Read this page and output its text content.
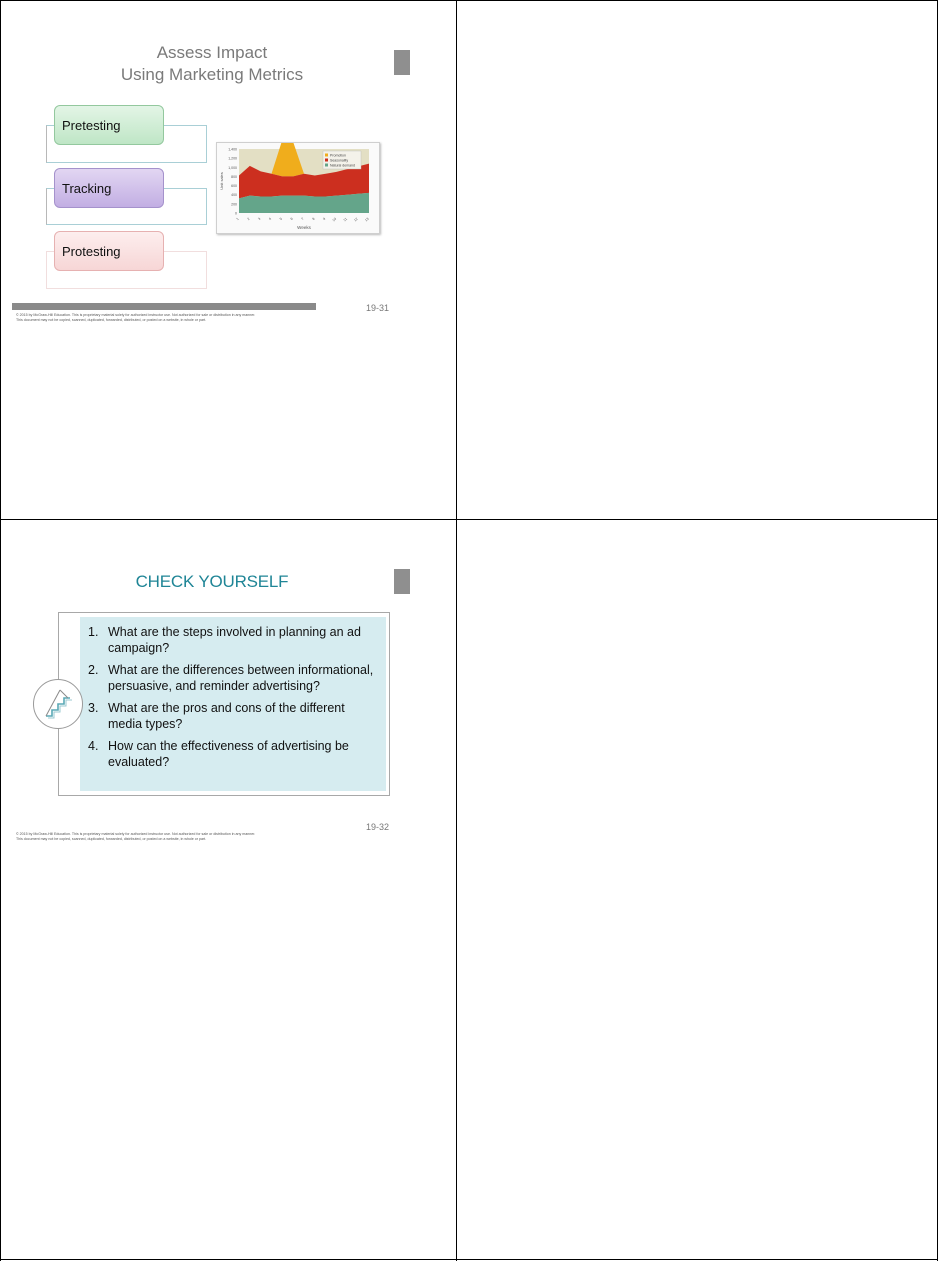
Assess Impact
Using Marketing Metrics
Pretesting
Tracking
Protesting
1,400
1,200
1,000
800
600
400
200
0
1 2 3 4 5 6 7 8 9 10 11 12 13
Weeks
Unit sales
Promotion
Seasonality
Natural demand
19-31
© 2015 by McGraw-Hill Education. This is proprietary material solely for authorized instructor use. Not authorized for sale or distribution in any manner.
This document may not be copied, scanned, duplicated, forwarded, distributed, or posted on a website, in whole or part.
CHECK YOURSELF
1. What are the steps involved in planning an ad campaign?
2. What are the differences between informational, persuasive, and reminder advertising?
3. What are the pros and cons of the different media types?
4. How can the effectiveness of advertising be evaluated?
19-32
© 2015 by McGraw-Hill Education. This is proprietary material solely for authorized instructor use. Not authorized for sale or distribution in any manner.
This document may not be copied, scanned, duplicated, forwarded, distributed, or posted on a website, in whole or part.
